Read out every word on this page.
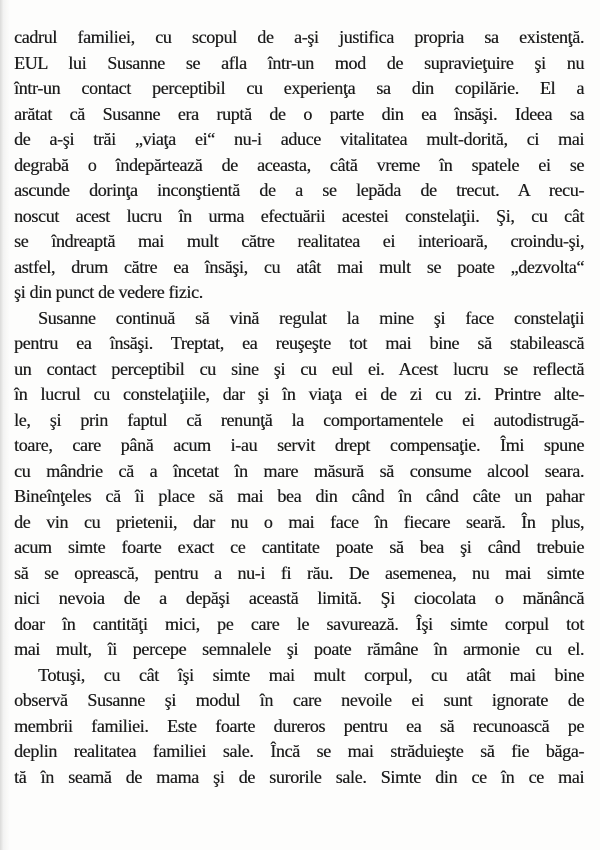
cadrul familiei, cu scopul de a-şi justifica propria sa existenţă.
EUL lui Susanne se afla într-un mod de supravieţuire şi nu
într-un contact perceptibil cu experienţa sa din copilărie. El a
arătat că Susanne era ruptă de o parte din ea însăşi. Ideea sa
de a-şi trăi „viaţa ei“ nu-i aduce vitalitatea mult-dorită, ci mai
degrabă o îndepărtează de aceasta, câtă vreme în spatele ei se
ascunde dorinţa inconştientă de a se lepăda de trecut. A recu-
noscut acest lucru în urma efectuării acestei constelaţii. Şi, cu cât
se îndreaptă mai mult către realitatea ei interioară, croindu-şi,
astfel, drum către ea însăşi, cu atât mai mult se poate „dezvolta“
şi din punct de vedere fizic.
Susanne continuă să vină regulat la mine şi face constelaţii
pentru ea însăşi. Treptat, ea reuşeşte tot mai bine să stabilească
un contact perceptibil cu sine şi cu eul ei. Acest lucru se reflectă
în lucrul cu constelaţiile, dar şi în viaţa ei de zi cu zi. Printre alte-
le, şi prin faptul că renunţă la comportamentele ei autodistrugă-
toare, care până acum i-au servit drept compensaţie. Îmi spune
cu mândrie că a încetat în mare măsură să consume alcool seara.
Bineînţeles că îi place să mai bea din când în când câte un pahar
de vin cu prietenii, dar nu o mai face în fiecare seară. În plus,
acum simte foarte exact ce cantitate poate să bea şi când trebuie
să se oprească, pentru a nu-i fi rău. De asemenea, nu mai simte
nici nevoia de a depăşi această limită. Şi ciocolata o mănâncă
doar în cantităţi mici, pe care le savurează. Îşi simte corpul tot
mai mult, îi percepe semnalele şi poate rămâne în armonie cu el.
Totuşi, cu cât îşi simte mai mult corpul, cu atât mai bine
observă Susanne şi modul în care nevoile ei sunt ignorate de
membrii familiei. Este foarte dureros pentru ea să recunoască pe
deplin realitatea familiei sale. Încă se mai străduieşte să fie băga-
tă în seamă de mama şi de surorile sale. Simte din ce în ce mai
